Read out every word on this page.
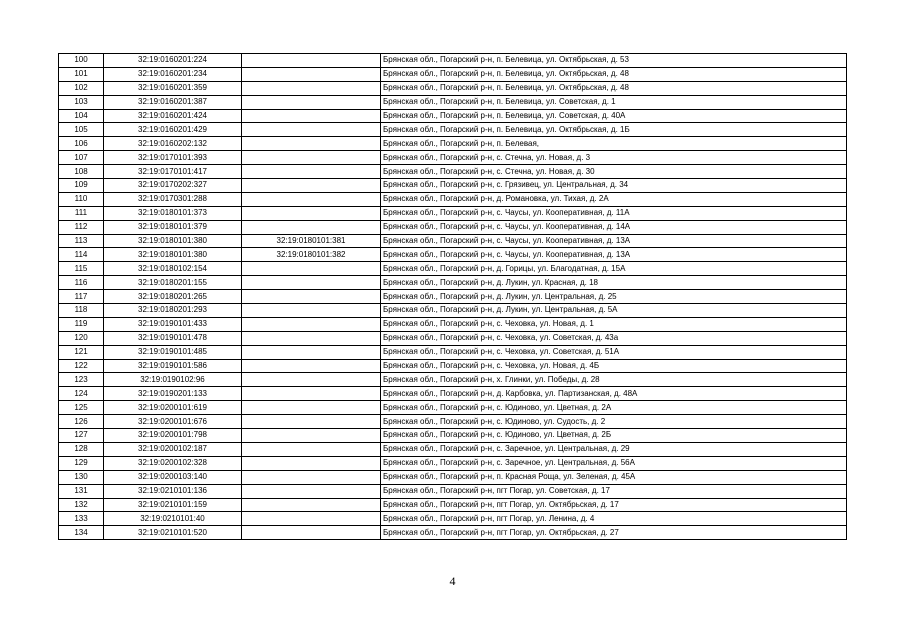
100	32:19:0160201:224		Брянская обл., Погарский р-н, п. Белевица, ул. Октябрьская, д. 53
101	32:19:0160201:234		Брянская обл., Погарский р-н, п. Белевица, ул. Октябрьская, д. 48
102	32:19:0160201:359		Брянская обл., Погарский р-н, п. Белевица, ул. Октябрьская, д. 48
103	32:19:0160201:387		Брянская обл., Погарский р-н, п. Белевица, ул. Советская, д. 1
104	32:19:0160201:424		Брянская обл., Погарский р-н, п. Белевица, ул. Советская, д. 40А
105	32:19:0160201:429		Брянская обл., Погарский р-н, п. Белевица, ул. Октябрьская, д. 1Б
106	32:19:0160202:132		Брянская обл., Погарский р-н, п. Белевая,
107	32:19:0170101:393		Брянская обл., Погарский р-н, с. Стечна, ул. Новая, д. 3
108	32:19:0170101:417		Брянская обл., Погарский р-н, с. Стечна, ул. Новая, д. 30
109	32:19:0170202:327		Брянская обл., Погарский р-н, с. Грязивец, ул. Центральная, д. 34
110	32:19:0170301:288		Брянская обл., Погарский р-н, д. Романовка, ул. Тихая, д. 2А
111	32:19:0180101:373		Брянская обл., Погарский р-н, с. Чаусы, ул. Кооперативная, д. 11А
112	32:19:0180101:379		Брянская обл., Погарский р-н, с. Чаусы, ул. Кооперативная, д. 14А
113	32:19:0180101:380	32:19:0180101:381	Брянская обл., Погарский р-н, с. Чаусы, ул. Кооперативная, д. 13А
114	32:19:0180101:380	32:19:0180101:382	Брянская обл., Погарский р-н, с. Чаусы, ул. Кооперативная, д. 13А
115	32:19:0180102:154		Брянская обл., Погарский р-н, д. Горицы, ул. Благодатная, д. 15А
116	32:19:0180201:155		Брянская обл., Погарский р-н, д. Лукин, ул. Красная, д. 18
117	32:19:0180201:265		Брянская обл., Погарский р-н, д. Лукин, ул. Центральная, д. 25
118	32:19:0180201:293		Брянская обл., Погарский р-н, д. Лукин, ул. Центральная, д. 5А
119	32:19:0190101:433		Брянская обл., Погарский р-н, с. Чеховка, ул. Новая, д. 1
120	32:19:0190101:478		Брянская обл., Погарский р-н, с. Чеховка, ул. Советская, д. 43а
121	32:19:0190101:485		Брянская обл., Погарский р-н, с. Чеховка, ул. Советская, д. 51А
122	32:19:0190101:586		Брянская обл., Погарский р-н, с. Чеховка, ул. Новая, д. 4Б
123	32:19:0190102:96		Брянская обл., Погарский р-н, х. Глинки, ул. Победы, д. 28
124	32:19:0190201:133		Брянская обл., Погарский р-н, д. Карбовка, ул. Партизанская, д. 48А
125	32:19:0200101:619		Брянская обл., Погарский р-н, с. Юдиново, ул. Цветная, д. 2А
126	32:19:0200101:676		Брянская обл., Погарский р-н, с. Юдиново, ул. Судость, д. 2
127	32:19:0200101:798		Брянская обл., Погарский р-н, с. Юдиново, ул. Цветная, д. 2Б
128	32:19:0200102:187		Брянская обл., Погарский р-н, с. Заречное, ул. Центральная, д. 29
129	32:19:0200102:328		Брянская обл., Погарский р-н, с. Заречное, ул. Центральная, д. 56А
130	32:19:0200103:140		Брянская обл., Погарский р-н, п. Красная Роща, ул. Зеленая, д. 45А
131	32:19:0210101:136		Брянская обл., Погарский р-н, пгт Погар, ул. Советская, д. 17
132	32:19:0210101:159		Брянская обл., Погарский р-н, пгт Погар, ул. Октябрьская, д. 17
133	32:19:0210101:40		Брянская обл., Погарский р-н, пгт Погар, ул. Ленина, д. 4
134	32:19:0210101:520		Брянская обл., Погарский р-н, пгт Погар, ул. Октябрьская, д. 27
4
